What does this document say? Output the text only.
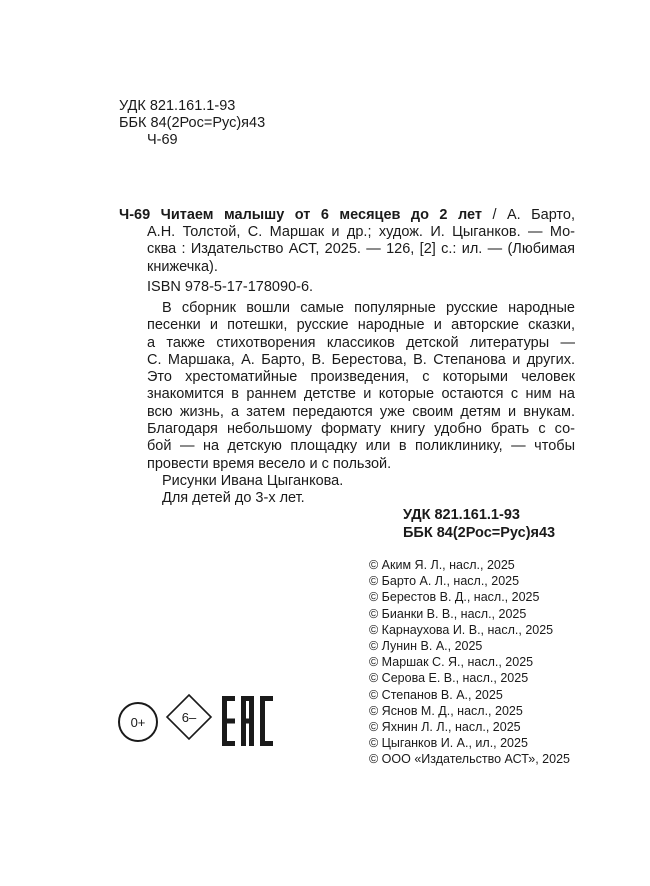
УДК 821.161.1-93
ББК 84(2Рос=Рус)я43
Ч-69
Ч-69 Читаем малышу от 6 месяцев до 2 лет / А. Барто,
А.Н. Толстой, С. Маршак и др.; худож. И. Цыганков. — Мо-
сква : Издательство АСТ, 2025. — 126, [2] с.: ил. — (Любимая
книжечка).
ISBN 978-5-17-178090-6.
В сборник вошли самые популярные русские народные
песенки и потешки, русские народные и авторские сказки,
а также стихотворения классиков детской литературы —
С. Маршака, А. Барто, В. Берестова, В. Степанова и других.
Это хрестоматийные произведения, с которыми человек
знакомится в раннем детстве и которые остаются с ним на
всю жизнь, а затем передаются уже своим детям и внукам.
Благодаря небольшому формату книгу удобно брать с со-
бой — на детскую площадку или в поликлинику, — чтобы
провести время весело и с пользой.
Рисунки Ивана Цыганкова.
Для детей до 3-х лет.
УДК 821.161.1-93
ББК 84(2Рос=Рус)я43
© Аким Я. Л., насл., 2025
© Барто А. Л., насл., 2025
© Берестов В. Д., насл., 2025
© Бианки В. В., насл., 2025
© Карнаухова И. В., насл., 2025
© Лунин В. А., 2025
© Маршак С. Я., насл., 2025
© Серова Е. В., насл., 2025
© Степанов В. А., 2025
© Яснов М. Д., насл., 2025
© Яхнин Л. Л., насл., 2025
© Цыганков И. А., ил., 2025
© ООО «Издательство АСТ», 2025
0+	6–
